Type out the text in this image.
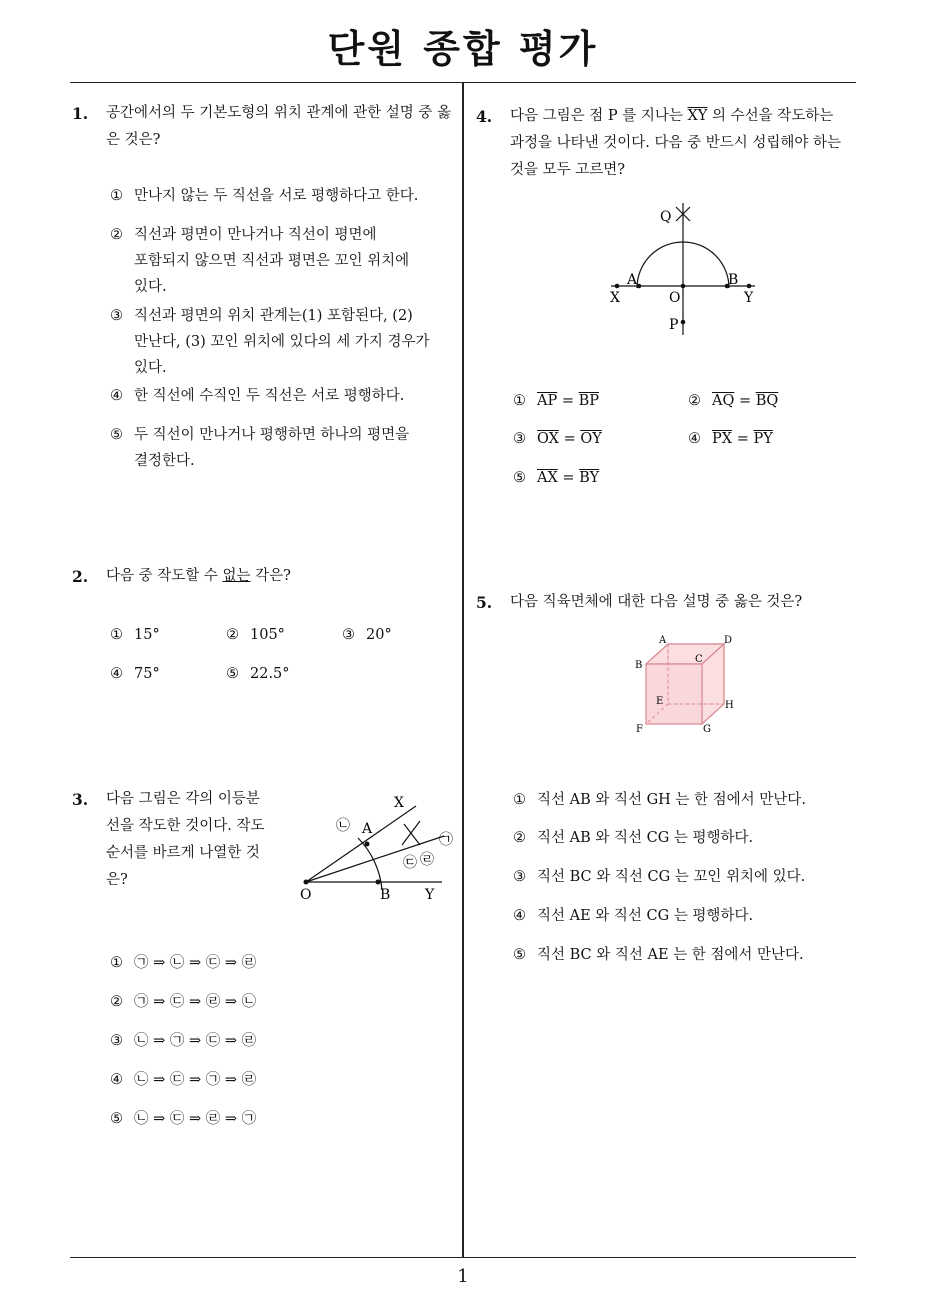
단원 종합 평가
1
1. 공간에서의 두 기본도형의 위치 관계에 관한 설명 중 옳은 것은?
① 만나지 않는 두 직선을 서로 평행하다고 한다.
② 직선과 평면이 만나거나 직선이 평면에
포함되지 않으면 직선과 평면은 꼬인 위치에
있다.
③ 직선과 평면의 위치 관계는(1) 포함된다, (2)
만난다, (3) 꼬인 위치에 있다의 세 가지 경우가
있다.
④ 한 직선에 수직인 두 직선은 서로 평행하다.
⑤ 두 직선이 만나거나 평행하면 하나의 평면을
결정한다.
2. 다음 중 작도할 수 없는 각은?
① 15°	② 105°	③ 20°
④ 75°	⑤ 22.5°
3. 다음 그림은 각의 이등분
선을 작도한 것이다. 작도
순서를 바르게 나열한 것
은?
O	B Y
A
X
㉡
㉠
㉢ ㉣
① ㉠ ⇒ ㉡ ⇒ ㉢ ⇒ ㉣
② ㉠ ⇒ ㉢ ⇒ ㉣ ⇒ ㉡
③ ㉡ ⇒ ㉠ ⇒ ㉢ ⇒ ㉣
④ ㉡ ⇒ ㉢ ⇒ ㉠ ⇒ ㉣
⑤ ㉡ ⇒ ㉢ ⇒ ㉣ ⇒ ㉠
4. 다음 그림은 점 P 를 지나는 $\overline{XY}$ 의 수선을 작도하는
과정을 나타낸 것이다. 다음 중 반드시 성립해야 하는
것을 모두 고르면?
Q
A	B
X	O	Y
P
① $\overline{AP} = \overline{BP}$	② $\overline{AQ} = \overline{BQ}$
③ $\overline{OX} = \overline{OY}$	④ $\overline{PX} = \overline{PY}$
⑤ $\overline{AX} = \overline{BY}$
5. 다음 직육면체에 대한 다음 설명 중 옳은 것은?
A	D
B
C
E	H
F	G
① 직선 AB 와 직선 GH 는 한 점에서 만난다.
② 직선 AB 와 직선 CG 는 평행하다.
③ 직선 BC 와 직선 CG 는 꼬인 위치에 있다.
④ 직선 AE 와 직선 CG 는 평행하다.
⑤ 직선 BC 와 직선 AE 는 한 점에서 만난다.
